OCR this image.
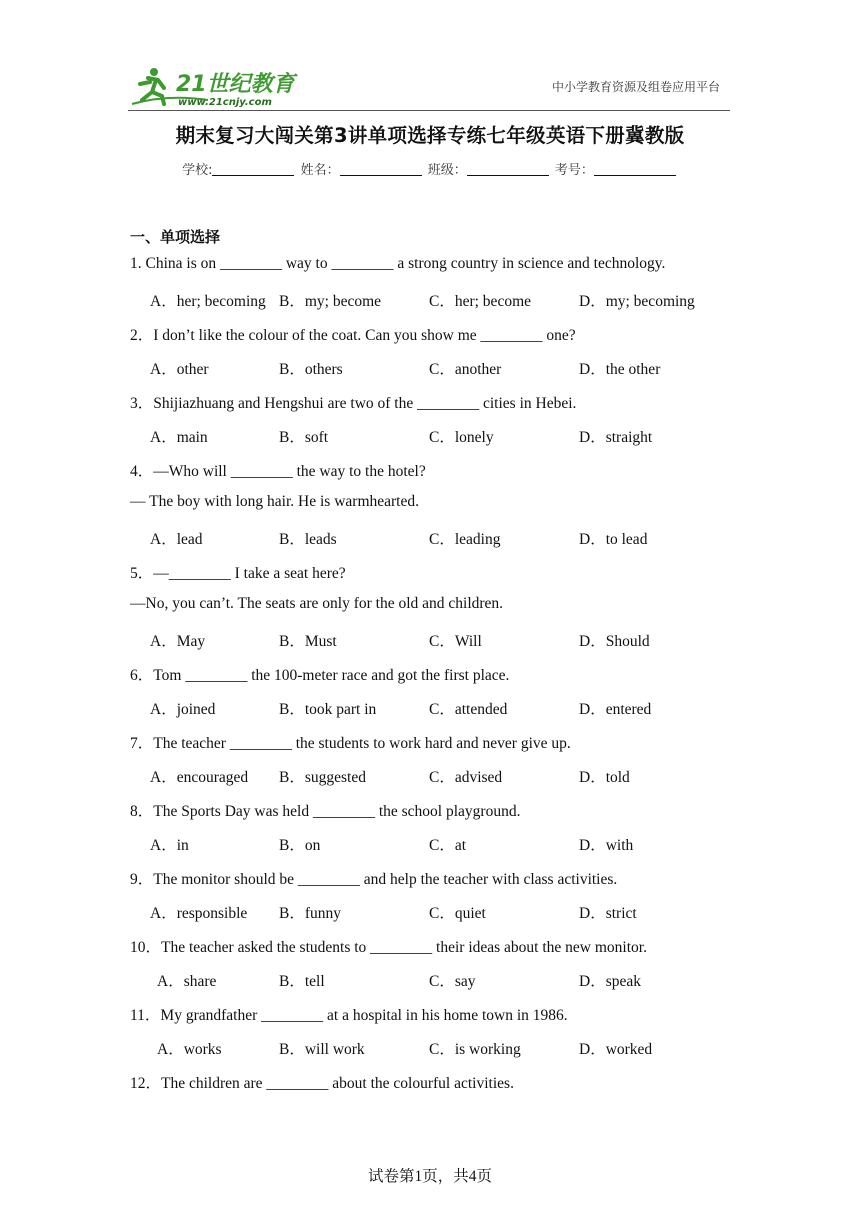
21世纪教育
www.21cnjy.com
中小学教育资源及组卷应用平台
期末复习大闯关第3讲单项选择专练七年级英语下册冀教版
学校:	姓名：	班级：	考号：
一、单项选择
1. China is on ________ way to ________ a strong country in science and technology.
A．her; becoming B．my; become	C．her; become	D．my; becoming
2．I don’t like the colour of the coat. Can you show me ________ one?
A．other	B．others	C．another	D．the other
3．Shijiazhuang and Hengshui are two of the ________ cities in Hebei.
A．main	B．soft	C．lonely	D．straight
4．—Who will ________ the way to the hotel?
— The boy with long hair. He is warmhearted.
A．lead	B．leads	C．leading	D．to lead
5．—________ I take a seat here?
—No, you can’t. The seats are only for the old and children.
A．May	B．Must	C．Will	D．Should
6．Tom ________ the 100-meter race and got the first place.
A．joined	B．took part in	C．attended	D．entered
7．The teacher ________ the students to work hard and never give up.
A．encouraged B．suggested	C．advised	D．told
8．The Sports Day was held ________ the school playground.
A．in	B．on	C．at	D．with
9．The monitor should be ________ and help the teacher with class activities.
A．responsible B．funny	C．quiet	D．strict
10．The teacher asked the students to ________ their ideas about the new monitor.
A．share	B．tell	C．say	D．speak
11．My grandfather ________ at a hospital in his home town in 1986.
A．works	B．will work	C．is working	D．worked
12．The children are ________ about the colourful activities.
试卷第1页，共4页
